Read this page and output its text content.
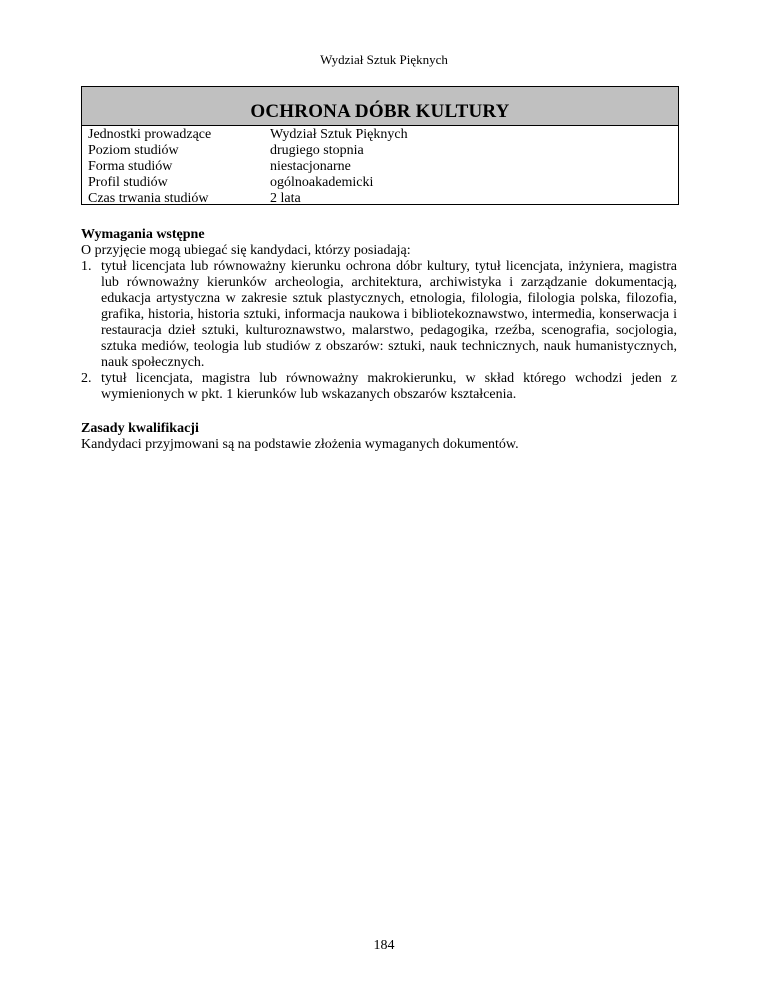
Wydział Sztuk Pięknych
OCHRONA DÓBR KULTURY
Jednostki prowadzące	Wydział Sztuk Pięknych
Poziom studiów	drugiego stopnia
Forma studiów	niestacjonarne
Profil studiów	ogólnoakademicki
Czas trwania studiów	2 lata
Wymagania wstępne
O przyjęcie mogą ubiegać się kandydaci, którzy posiadają:
1. tytuł licencjata lub równoważny kierunku ochrona dóbr kultury, tytuł licencjata, inżyniera, magistra lub równoważny kierunków archeologia, architektura, archiwistyka i zarządzanie dokumentacją, edukacja artystyczna w zakresie sztuk plastycznych, etnologia, filologia, filologia polska, filozofia, grafika, historia, historia sztuki, informacja naukowa i bibliotekoznawstwo, intermedia, konserwacja i restauracja dzieł sztuki, kulturoznawstwo, malarstwo, pedagogika, rzeźba, scenografia, socjologia, sztuka mediów, teologia lub studiów z obszarów: sztuki, nauk technicznych, nauk humanistycznych, nauk społecznych.
2. tytuł licencjata, magistra lub równoważny makrokierunku, w skład którego wchodzi jeden z wymienionych w pkt. 1 kierunków lub wskazanych obszarów kształcenia.
Zasady kwalifikacji
Kandydaci przyjmowani są na podstawie złożenia wymaganych dokumentów.
184
